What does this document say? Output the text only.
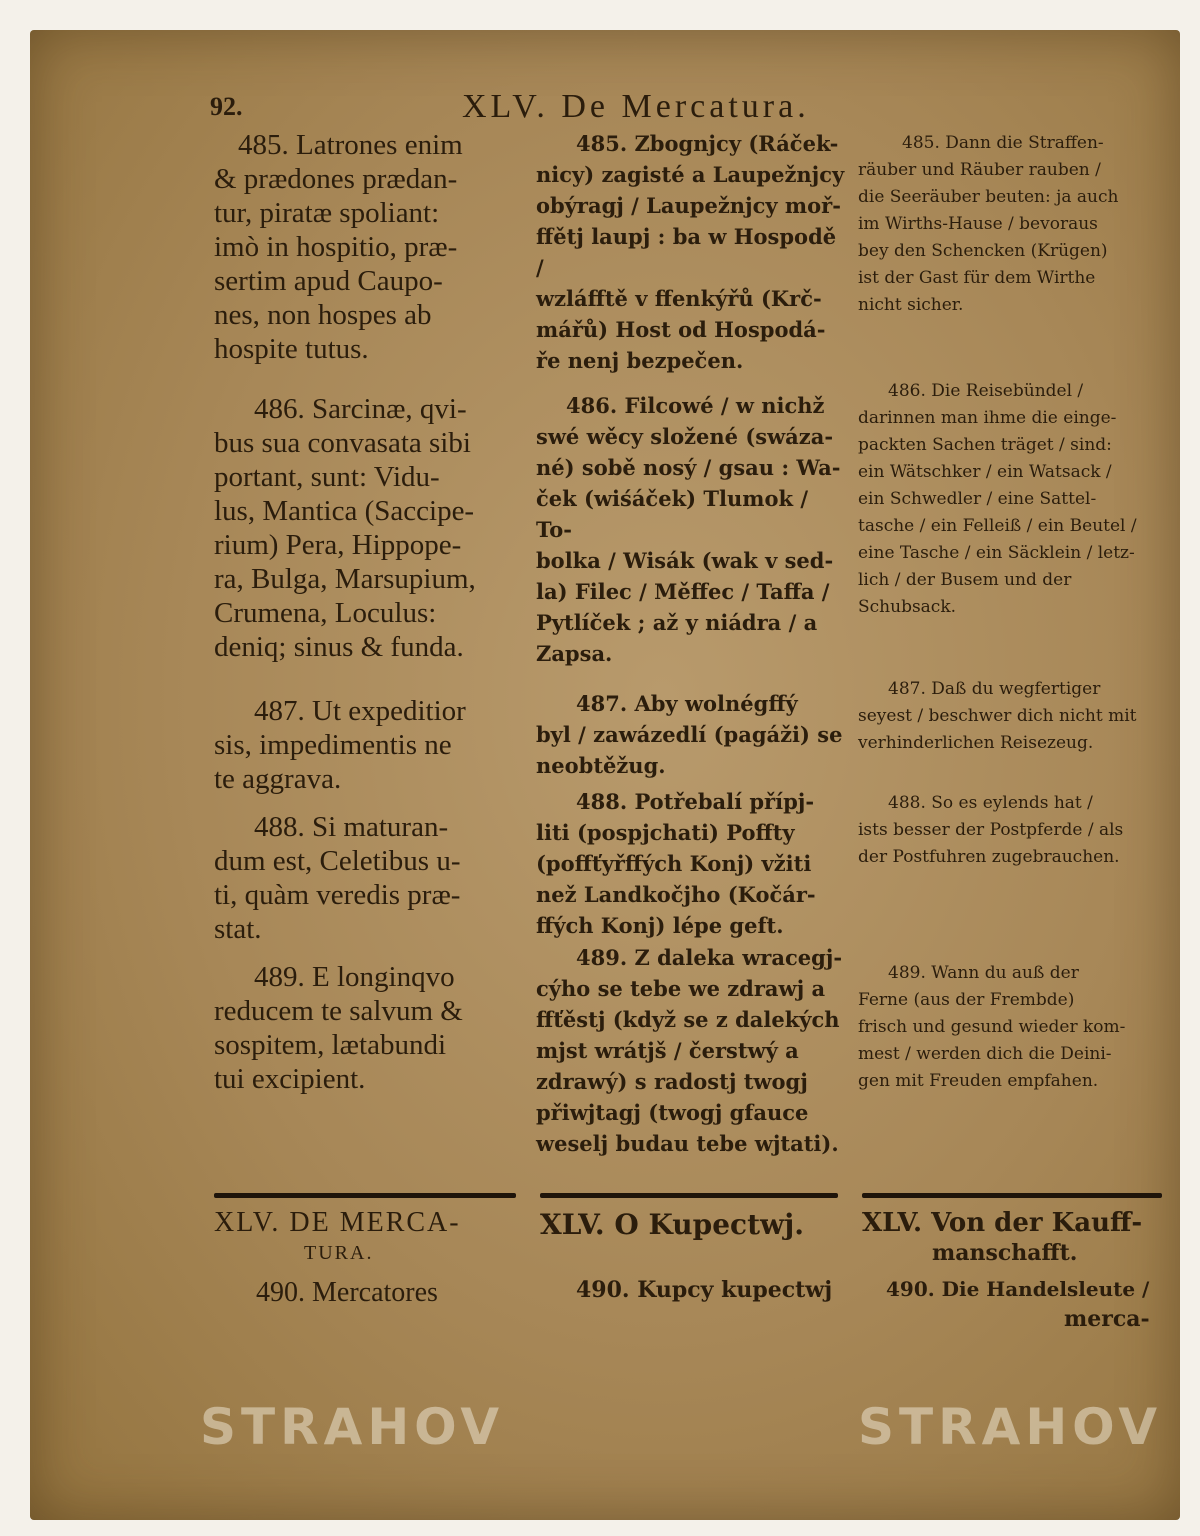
92.	XLV. De Mercatura.

485. Latrones enim

& prædones prædan-

tur, piratæ spoliant:

imò in hospitio, præ-

sertim apud Caupo-

nes, non hospes ab

hospite tutus.

486. Sarcinæ, qvi-

bus sua convasata sibi

portant, sunt: Vidu-

lus, Mantica (Saccipe-

rium) Pera, Hippope-

ra, Bulga, Marsupium,

Crumena, Loculus:

deniq; sinus & funda.

487. Ut expeditior

sis, impedimentis ne

te aggrava.

488. Si maturan-

dum est, Celetibus u-

ti, quàm veredis præ-

stat.

489. E longinqvo

reducem te salvum &

sospitem, lætabundi

tui excipient.

485. Zbognjcy (Ráček-

nicy) zagisté a Laupežnjcy

obýragj / Laupežnjcy moř-

ffětj laupj : ba w Hospodě /

wzláfftě v ffenkýřů (Krč-

mářů) Host od Hospodá-

ře nenj bezpečen.

486. Filcowé / w nichž

swé wěcy složené (swáza-

né) sobě nosý / gsau : Wa-

ček (wiśáček) Tlumok / To-

bolka / Wisák (wak v sed-

la) Filec / Měffec / Taffa /

Pytlíček ; až y niádra / a

Zapsa.

487. Aby wolnégffý

byl / zawázedlí (pagáži) se

neobtěžug.

488. Potřebalí přípj-

liti (pospjchati) Poffty

(poffťyřffých Konj) vžiti

než Landkočjho (Kočár-

ffých Konj) lépe geft.

489. Z daleka wracegj-

cýho se tebe we zdrawj a

ffťěstj (když se z dalekých

mjst wrátjš / čerstwý a

zdrawý) s radostj twogj

přiwjtagj (twogj gfauce

weselj budau tebe wjtati).

485. Dann die Straffen-

räuber und Räuber rauben /

die Seeräuber beuten: ja auch

im Wirths-Hause / bevoraus

bey den Schencken (Krügen)

ist der Gast für dem Wirthe

nicht sicher.

486. Die Reisebündel /

darinnen man ihme die einge-

packten Sachen träget / sind:

ein Wätschker / ein Watsack /

ein Schwedler / eine Sattel-

tasche / ein Felleiß / ein Beutel /

eine Tasche / ein Säcklein / letz-

lich / der Busem und der

Schubsack.

487. Daß du wegfertiger

seyest / beschwer dich nicht mit

verhinderlichen Reisezeug.

488. So es eylends hat /

ists besser der Postpferde / als

der Postfuhren zugebrauchen.

489. Wann du auß der

Ferne (aus der Frembde)

frisch und gesund wieder kom-

mest / werden dich die Deini-

gen mit Freuden empfahen.

XLV. DE MERCA-
TURA.
XLV. O Kupectwj. XLV. Von der Kauff-
manschafft.
490. Mercatores	490. Kupcy kupectwj	490. Die Handelsleute /
merca-
STRAHOV	STRAHOV
